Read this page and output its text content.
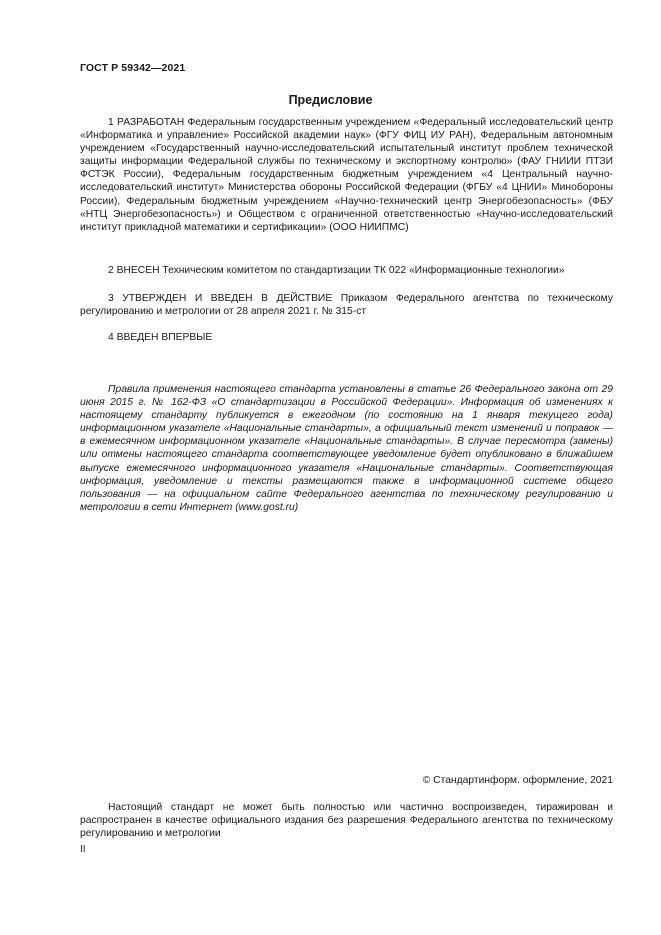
ГОСТ Р 59342—2021
Предисловие

1 РАЗРАБОТАН Федеральным государственным учреждением «Федеральный исследовательский центр «Информатика и управление» Российской академии наук» (ФГУ ФИЦ ИУ РАН), Федеральным автономным учреждением «Государственный научно-исследовательский испытательный институт проблем технической защиты информации Федеральной службы по техническому и экспортному контролю» (ФАУ ГНИИИ ПТЗИ ФСТЭК России), Федеральным государственным бюджетным учреждением «4 Центральный научно-исследовательский институт» Министерства обороны Российской Федерации (ФГБУ «4 ЦНИИ» Минобороны России), Федеральным бюджетным учреждением «Научно-технический центр Энергобезопасность» (ФБУ «НТЦ Энергобезопасность») и Обществом с ограниченной ответственностью «Научно-исследовательский институт прикладной математики и сертификации» (ООО НИИПМС)

2 ВНЕСЕН Техническим комитетом по стандартизации ТК 022 «Информационные технологии»

3 УТВЕРЖДЕН И ВВЕДЕН В ДЕЙСТВИЕ Приказом Федерального агентства по техническому регулированию и метрологии от 28 апреля 2021 г. № 315-ст

4 ВВЕДЕН ВПЕРВЫЕ

Правила применения настоящего стандарта установлены в статье 26 Федерального закона от 29 июня 2015 г. № 162-ФЗ «О стандартизации в Российской Федерации». Информация об изменениях к настоящему стандарту публикуется в ежегодном (по состоянию на 1 января текущего года) информационном указателе «Национальные стандарты», а официальный текст изменений и поправок — в ежемесячном информационном указателе «Национальные стандарты». В случае пересмотра (замены) или отмены настоящего стандарта соответствующее уведомление будет опубликовано в ближайшем выпуске ежемесячного информационного указателя «Национальные стандарты». Соответствующая информация, уведомление и тексты размещаются также в информационной системе общего пользования — на официальном сайте Федерального агентства по техническому регулированию и метрологии в сети Интернет (www.gost.ru)

© Стандартинформ. оформление, 2021

Настоящий стандарт не может быть полностью или частично воспроизведен, тиражирован и распространен в качестве официального издания без разрешения Федерального агентства по техническому регулированию и метрологии

II
